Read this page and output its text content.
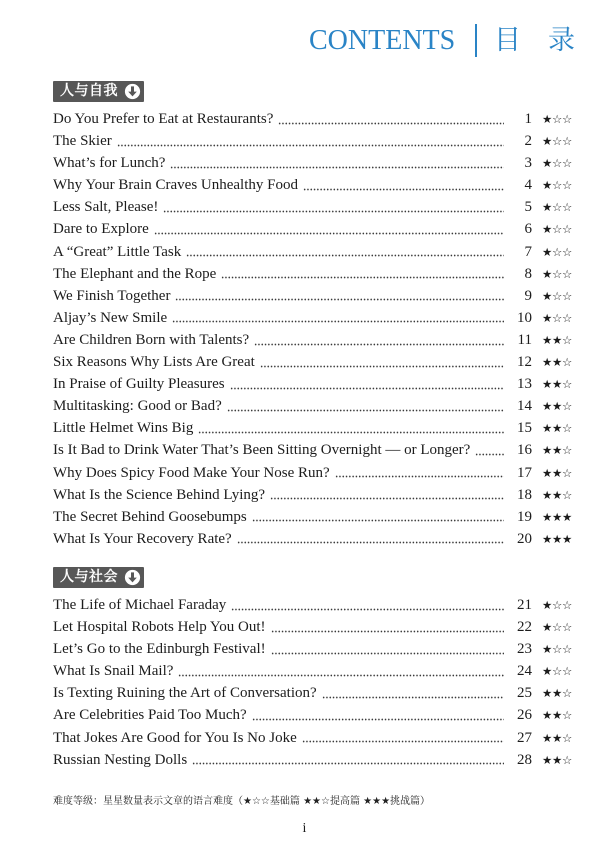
CONTENTS 目　录
人与自我
Do You Prefer to Eat at Restaurants?	1 ★☆☆
The Skier	2 ★☆☆
What’s for Lunch?	3 ★☆☆
Why Your Brain Craves Unhealthy Food	4 ★☆☆
Less Salt, Please!	5 ★☆☆
Dare to Explore	6 ★☆☆
A “Great” Little Task	7 ★☆☆
The Elephant and the Rope	8 ★☆☆
We Finish Together	9 ★☆☆
Aljay’s New Smile	10 ★☆☆
Are Children Born with Talents?	11 ★★☆
Six Reasons Why Lists Are Great	12 ★★☆
In Praise of Guilty Pleasures	13 ★★☆
Multitasking: Good or Bad?	14 ★★☆
Little Helmet Wins Big	15 ★★☆
Is It Bad to Drink Water That’s Been Sitting Overnight — or Longer?	16 ★★☆
Why Does Spicy Food Make Your Nose Run?	17 ★★☆
What Is the Science Behind Lying?	18 ★★☆
The Secret Behind Goosebumps	19 ★★★
What Is Your Recovery Rate?	20 ★★★
人与社会
The Life of Michael Faraday	21 ★☆☆
Let Hospital Robots Help You Out!	22 ★☆☆
Let’s Go to the Edinburgh Festival!	23 ★☆☆
What Is Snail Mail?	24 ★☆☆
Is Texting Ruining the Art of Conversation?	25 ★★☆
Are Celebrities Paid Too Much?	26 ★★☆
That Jokes Are Good for You Is No Joke	27 ★★☆
Russian Nesting Dolls	28 ★★☆
难度等级：星星数量表示文章的语言难度（★☆☆基础篇 ★★☆提高篇 ★★★挑战篇）
i
